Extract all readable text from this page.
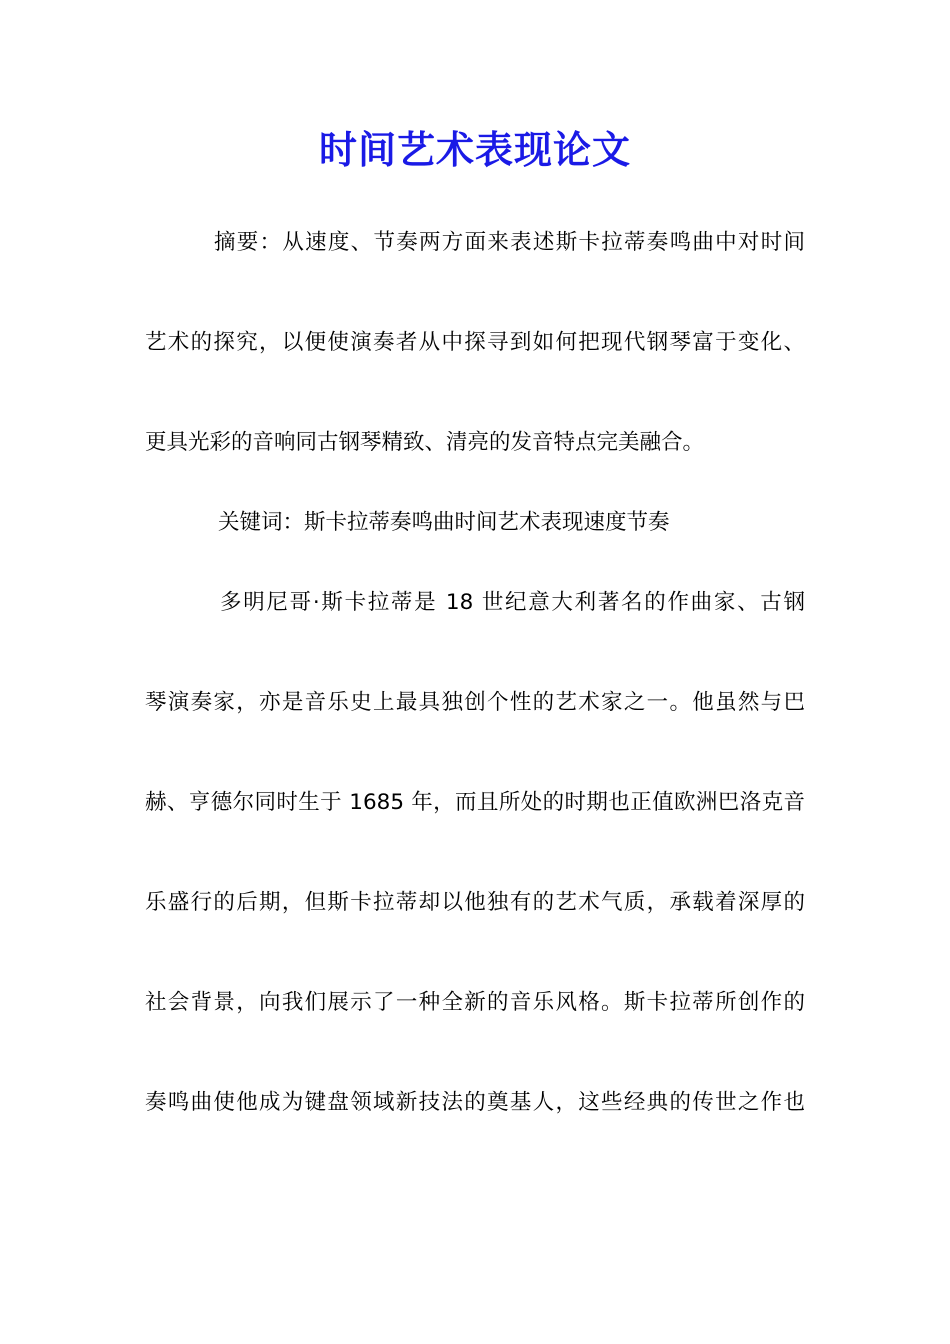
时间艺术表现论文

摘要：从速度、节奏两方面来表述斯卡拉蒂奏鸣曲中对时间

艺术的探究，以便使演奏者从中探寻到如何把现代钢琴富于变化、

更具光彩的音响同古钢琴精致、清亮的发音特点完美融合。

关键词：斯卡拉蒂奏鸣曲时间艺术表现速度节奏

多明尼哥·斯卡拉蒂是 18 世纪意大利著名的作曲家、古钢

琴演奏家，亦是音乐史上最具独创个性的艺术家之一。他虽然与巴

赫、亨德尔同时生于 1685 年，而且所处的时期也正值欧洲巴洛克音

乐盛行的后期，但斯卡拉蒂却以他独有的艺术气质，承载着深厚的

社会背景，向我们展示了一种全新的音乐风格。斯卡拉蒂所创作的

奏鸣曲使他成为键盘领域新技法的奠基人，这些经典的传世之作也
